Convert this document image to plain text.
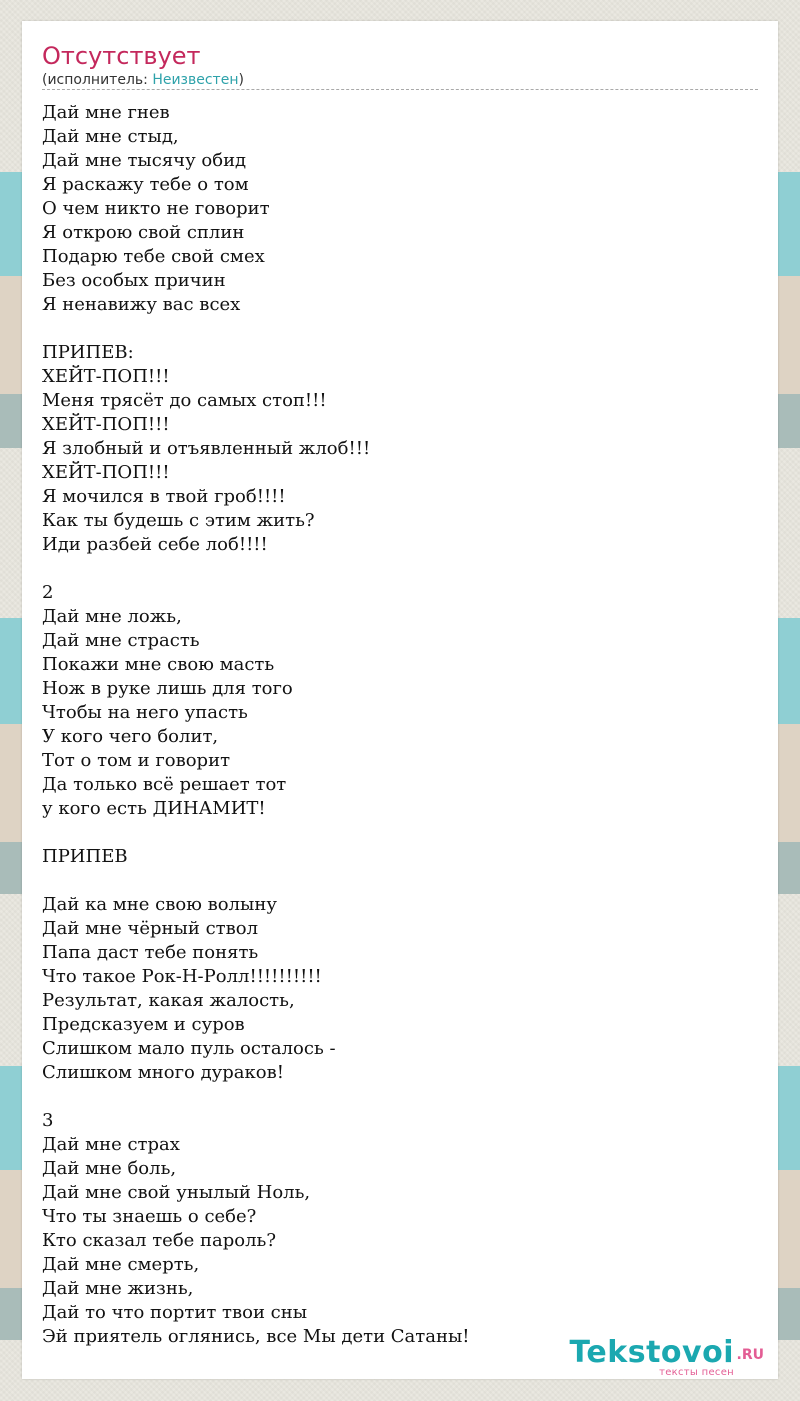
Отсутствует
(исполнитель: Неизвестен)
Дай мне гнев
Дай мне стыд,
Дай мне тысячу обид
Я раскажу тебе о том
О чем никто не говорит
Я открою свой сплин
Подарю тебе свой смех
Без особых причин
Я ненавижу вас всех
ПРИПЕВ:
ХЕЙТ-ПОП!!!
Меня трясёт до самых стоп!!!
ХЕЙТ-ПОП!!!
Я злобный и отъявленный жлоб!!!
ХЕЙТ-ПОП!!!
Я мочился в твой гроб!!!!
Как ты будешь с этим жить?
Иди разбей себе лоб!!!!
2
Дай мне ложь,
Дай мне страсть
Покажи мне свою масть
Нож в руке лишь для того
Чтобы на него упасть
У кого чего болит,
Тот о том и говорит
Да только всё решает тот
у кого есть ДИНАМИТ!
ПРИПЕВ
Дай ка мне свою волыну
Дай мне чёрный ствол
Папа даст тебе понять
Что такое Рок-Н-Ролл!!!!!!!!!!
Результат, какая жалость,
Предсказуем и суров
Слишком мало пуль осталось -
Слишком много дураков!
3
Дай мне страх
Дай мне боль,
Дай мне свой унылый Ноль,
Что ты знаешь о себе?
Кто сказал тебе пароль?
Дай мне смерть,
Дай мне жизнь,
Дай то что портит твои сны
Эй приятель оглянись, все Мы дети Сатаны!	Tekstovoi .RU
тексты песен
